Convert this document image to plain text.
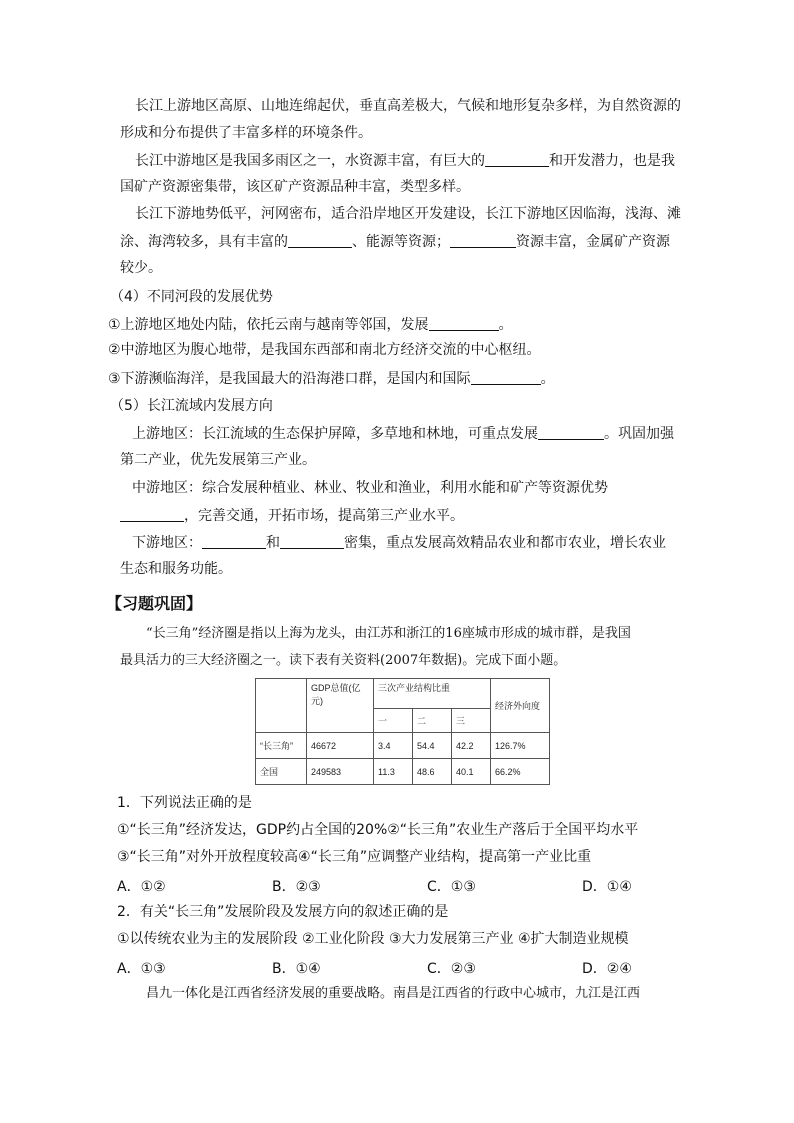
长江上游地区高原、山地连绵起伏，垂直高差极大，气候和地形复杂多样，为自然资源的
形成和分布提供了丰富多样的环境条件。
长江中游地区是我国多雨区之一，水资源丰富，有巨大的	和开发潜力，也是我
国矿产资源密集带，该区矿产资源品种丰富，类型多样。
长江下游地势低平，河网密布，适合沿岸地区开发建设，长江下游地区因临海，浅海、滩
涂、海湾较多，具有丰富的	、能源等资源；	资源丰富，金属矿产资源
较少。
（4）不同河段的发展优势
①上游地区地处内陆，依托云南与越南等邻国，发展	。
②中游地区为腹心地带，是我国东西部和南北方经济交流的中心枢纽。
③下游濒临海洋，是我国最大的沿海港口群，是国内和国际	。
（5）长江流域内发展方向
上游地区：长江流域的生态保护屏障，多草地和林地，可重点发展	。巩固加强
第二产业，优先发展第三产业。
中游地区：综合发展种植业、林业、牧业和渔业，利用水能和矿产等资源优势
，完善交通，开拓市场，提高第三产业水平。
下游地区：	和	密集，重点发展高效精品农业和都市农业，增长农业
生态和服务功能。
【习题巩固】
“长三角”经济圈是指以上海为龙头，由江苏和浙江的16座城市形成的城市群，是我国
最具活力的三大经济圈之一。读下表有关资料(2007年数据)。完成下面小题。
	GDP总值(亿元)	三次产业结构比重			经济外向度
		一	二	三	
“长三角”	46672	3.4	54.4	42.2	126.7%
全国	249583	11.3	48.6	40.1	66.2%
1．下列说法正确的是
①“长三角”经济发达，GDP约占全国的20%②“长三角”农业生产落后于全国平均水平
③“长三角”对外开放程度较高④“长三角”应调整产业结构，提高第一产业比重
A．①②	B．②③	C．①③	D．①④
2．有关“长三角”发展阶段及发展方向的叙述正确的是
①以传统农业为主的发展阶段 ②工业化阶段 ③大力发展第三产业 ④扩大制造业规模
A．①③	B．①④	C．②③	D．②④
昌九一体化是江西省经济发展的重要战略。南昌是江西省的行政中心城市，九江是江西
